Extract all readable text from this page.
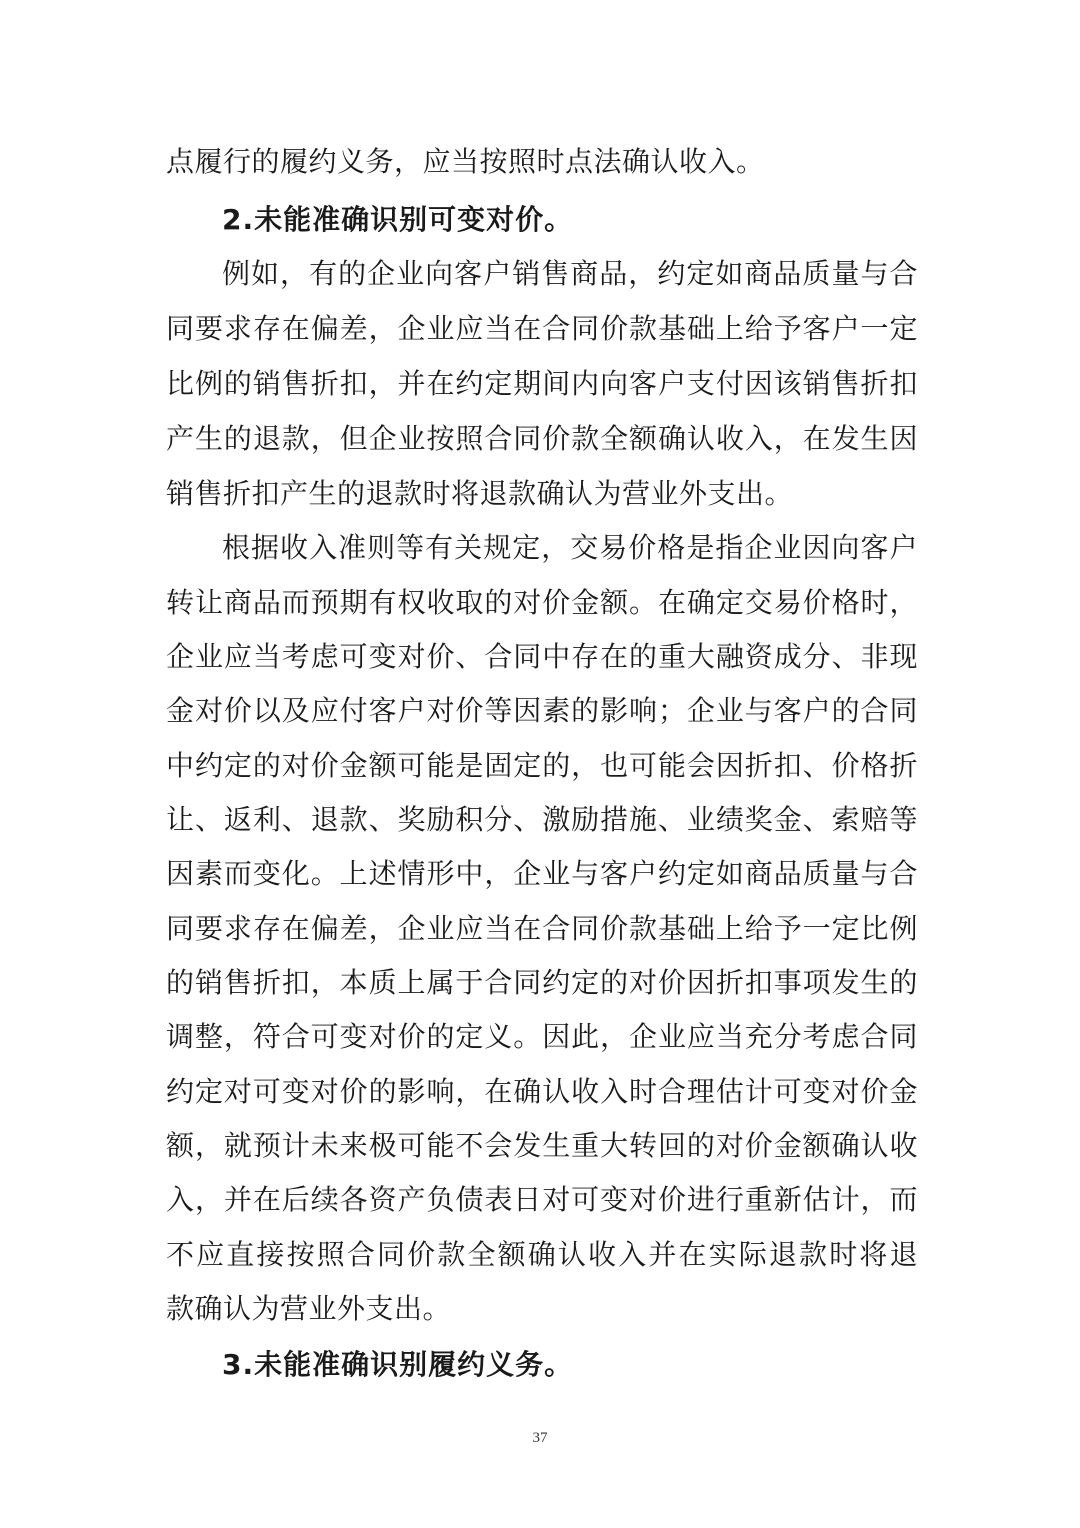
点履行的履约义务，应当按照时点法确认收入。
2.未能准确识别可变对价。
例如，有的企业向客户销售商品，约定如商品质量与合
同要求存在偏差，企业应当在合同价款基础上给予客户一定
比例的销售折扣，并在约定期间内向客户支付因该销售折扣
产生的退款，但企业按照合同价款全额确认收入，在发生因
销售折扣产生的退款时将退款确认为营业外支出。
根据收入准则等有关规定，交易价格是指企业因向客户
转让商品而预期有权收取的对价金额。在确定交易价格时，
企业应当考虑可变对价、合同中存在的重大融资成分、非现
金对价以及应付客户对价等因素的影响；企业与客户的合同
中约定的对价金额可能是固定的，也可能会因折扣、价格折
让、返利、退款、奖励积分、激励措施、业绩奖金、索赔等
因素而变化。上述情形中，企业与客户约定如商品质量与合
同要求存在偏差，企业应当在合同价款基础上给予一定比例
的销售折扣，本质上属于合同约定的对价因折扣事项发生的
调整，符合可变对价的定义。因此，企业应当充分考虑合同
约定对可变对价的影响，在确认收入时合理估计可变对价金
额，就预计未来极可能不会发生重大转回的对价金额确认收
入，并在后续各资产负债表日对可变对价进行重新估计，而
不应直接按照合同价款全额确认收入并在实际退款时将退
款确认为营业外支出。
3.未能准确识别履约义务。
37
